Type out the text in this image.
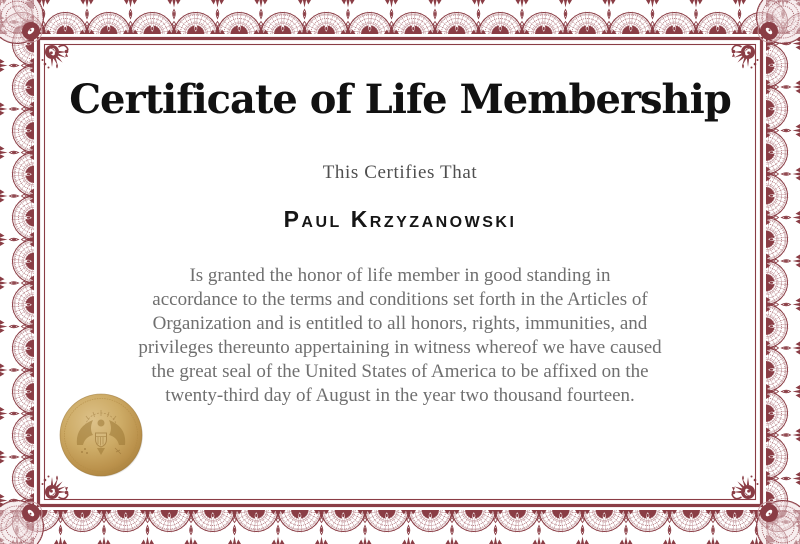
Certificate of Life Membership
This Certifies That
Paul Krzyzanowski
Is granted the honor of life member in good standing in
accordance to the terms and conditions set forth in the Articles of
Organization and is entitled to all honors, rights, immunities, and
privileges thereunto appertaining in witness whereof we have caused
the great seal of the United States of America to be affixed on the
twenty-third day of August in the year two thousand fourteen.
